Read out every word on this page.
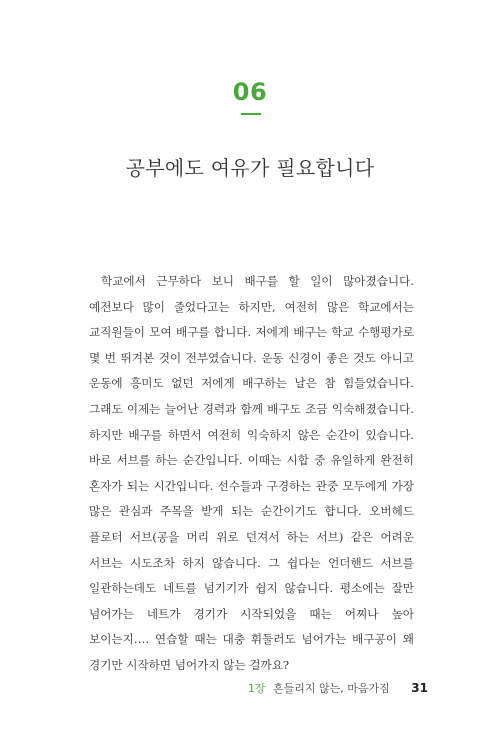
06
공부에도 여유가 필요합니다

학교에서 근무하다 보니 배구를 할 일이 많아졌습니다. 예전보다 많이 줄었다고는 하지만, 여전히 많은 학교에서는 교직원들이 모여 배구를 합니다. 저에게 배구는 학교 수행평가로 몇 번 뛰겨본 것이 전부였습니다. 운동 신경이 좋은 것도 아니고 운동에 흥미도 없던 저에게 배구하는 날은 참 힘들었습니다. 그래도 이제는 늘어난 경력과 함께 배구도 조금 익숙해졌습니다. 하지만 배구를 하면서 여전히 익숙하지 않은 순간이 있습니다. 바로 서브를 하는 순간입니다. 이때는 시합 중 유일하게 완전히 혼자가 되는 시간입니다. 선수들과 구경하는 관중 모두에게 가장 많은 관심과 주목을 받게 되는 순간이기도 합니다. 오버헤드 플로터 서브(공을 머리 위로 던져서 하는 서브) 같은 어려운 서브는 시도조차 하지 않습니다. 그 쉽다는 언더핸드 서브를 일관하는데도 네트를 넘기기가 쉽지 않습니다. 평소에는 잘만 넘어가는 네트가 경기가 시작되었을 때는 어찌나 높아 보이는지…. 연습할 때는 대충 휘둘러도 넘어가는 배구공이 왜 경기만 시작하면 넘어가지 않는 걸까요?

1장 흔들리지 않는, 마음가짐 31
